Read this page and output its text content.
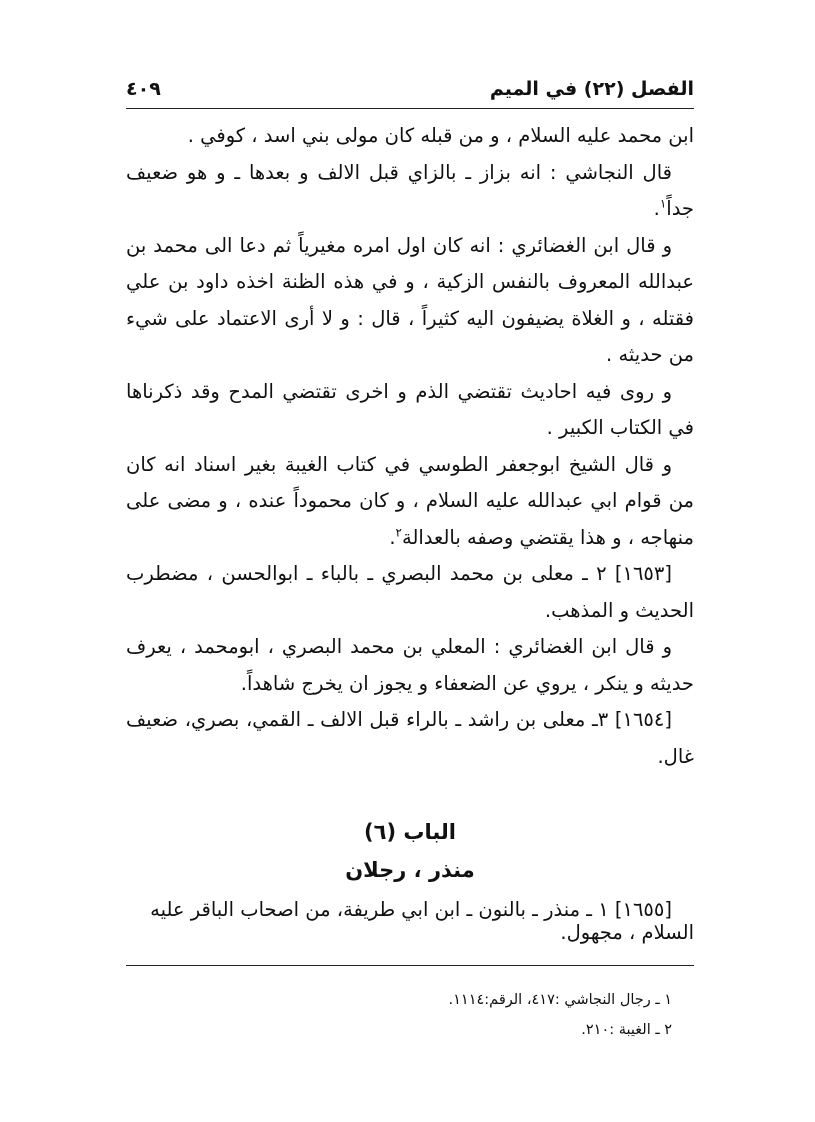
الفصل (٢٢) في الميم
٤٠٩

ابن محمد عليه السلام ، و من قبله كان مولى بني اسد ، كوفي .

قال النجاشي : انه بزاز ـ بالزاي قبل الالف و بعدها ـ و هو ضعيف جداً$^١$.

و قال ابن الغضائري : انه كان اول امره مغيرياً ثم دعا الى محمد بن عبدالله المعروف بالنفس الزكية ، و في هذه الظنة اخذه داود بن علي فقتله ، و الغلاة يضيفون اليه كثيراً ، قال : و لا أرى الاعتماد على شيء من حديثه .

و روى فيه احاديث تقتضي الذم و اخرى تقتضي المدح وقد ذكرناها في الكتاب الكبير .

و قال الشيخ ابوجعفر الطوسي في كتاب الغيبة بغير اسناد انه كان من قوام ابي عبدالله عليه السلام ، و كان محموداً عنده ، و مضى على منهاجه ، و هذا يقتضي وصفه بالعدالة$^٢$.

[١٦٥٣] ٢ ـ معلى بن محمد البصري ـ بالباء ـ ابوالحسن ، مضطرب الحديث و المذهب.

و قال ابن الغضائري : المعلي بن محمد البصري ، ابومحمد ، يعرف حديثه و ينكر ، يروي عن الضعفاء و يجوز ان يخرج شاهداً.

[١٦٥٤] ٣ـ معلى بن راشد ـ بالراء قبل الالف ـ القمي، بصري، ضعيف غال.

الباب (٦)
منذر ، رجلان
[١٦٥٥] ١ ـ منذر ـ بالنون ـ ابن ابي طريفة، من اصحاب الباقر عليه السلام ، مجهول.
١ ـ رجال النجاشي :٤١٧، الرقم:١١١٤.
٢ ـ الغيبة :٢١٠.
